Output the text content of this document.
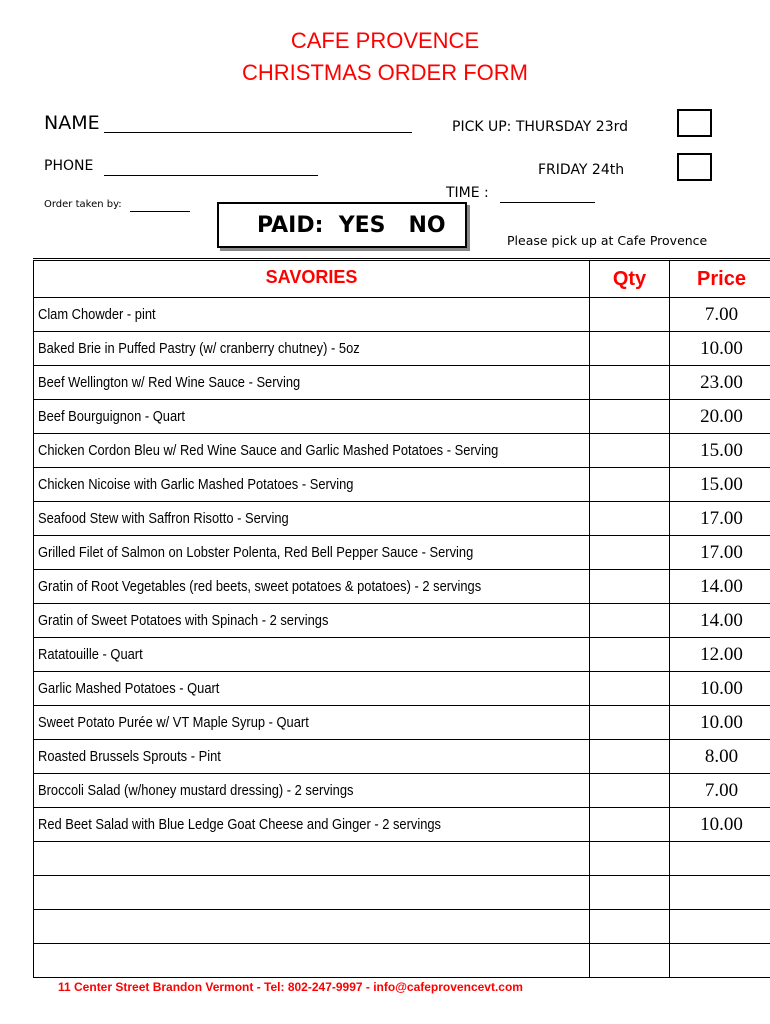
CAFE PROVENCE
CHRISTMAS ORDER FORM
NAME
PHONE
Order taken by:
PICK UP: THURSDAY 23rd
FRIDAY 24th
TIME :
PAID:  YES   NO
Please pick up at Cafe Provence
SAVORIES	Qty	Price
Clam Chowder - pint		7.00
Baked Brie in Puffed Pastry (w/ cranberry chutney) - 5oz		10.00
Beef Wellington w/ Red Wine Sauce - Serving		23.00
Beef Bourguignon - Quart		20.00
Chicken Cordon Bleu w/ Red Wine Sauce and Garlic Mashed Potatoes - Serving		15.00
Chicken Nicoise with Garlic Mashed Potatoes - Serving		15.00
Seafood Stew with Saffron Risotto - Serving		17.00
Grilled Filet of Salmon on Lobster Polenta, Red Bell Pepper Sauce - Serving		17.00
Gratin of Root Vegetables (red beets, sweet potatoes & potatoes) - 2 servings		14.00
Gratin of Sweet Potatoes with Spinach - 2 servings		14.00
Ratatouille - Quart		12.00
Garlic Mashed Potatoes - Quart		10.00
Sweet Potato Purée w/ VT Maple Syrup - Quart		10.00
Roasted Brussels Sprouts - Pint		8.00
Broccoli Salad (w/honey mustard dressing) - 2 servings		7.00
Red Beet Salad with Blue Ledge Goat Cheese and Ginger - 2 servings		10.00

11 Center Street Brandon Vermont - Tel: 802-247-9997 - info@cafeprovencevt.com
